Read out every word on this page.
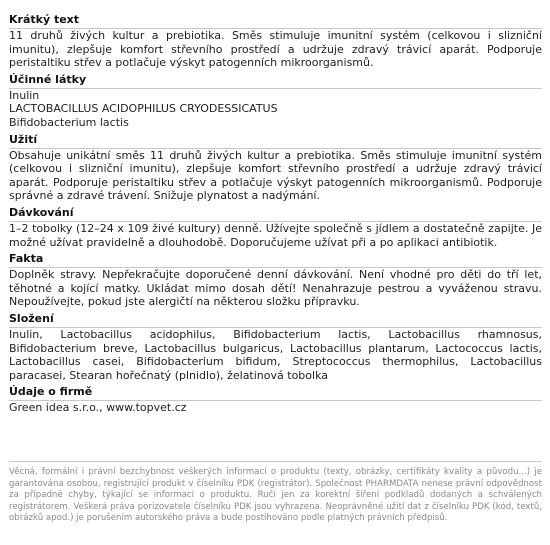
Krátký text

11 druhů živých kultur a prebiotika. Směs stimuluje imunitní systém (celkovou i slizniční imunitu), zlepšuje komfort střevního prostředí a udržuje zdravý trávicí aparát. Podporuje peristaltiku střev a potlačuje výskyt patogenních mikroorganismů.

Účinné látky

Inulin

LACTOBACILLUS ACIDOPHILUS CRYODESSICATUS

Bifidobacterium lactis

Užití

Obsahuje unikátní směs 11 druhů živých kultur a prebiotika. Směs stimuluje imunitní systém (celkovou i slizniční imunitu), zlepšuje komfort střevního prostředí a udržuje zdravý trávicí aparát. Podporuje peristaltiku střev a potlačuje výskyt patogenních mikroorganismů. Podporuje správné a zdravé trávení. Snižuje plynatost a nadýmání.

Dávkování

1–2 tobolky (12–24 x 109 živé kultury) denně. Užívejte společně s jídlem a dostatečně zapijte. Je možné užívat pravidelně a dlouhodobě. Doporučujeme užívat při a po aplikaci antibiotik.

Fakta

Doplněk stravy. Nepřekračujte doporučené denní dávkování. Není vhodné pro děti do tří let, těhotné a kojící matky. Ukládat mimo dosah dětí! Nenahrazuje pestrou a vyváženou stravu. Nepoužívejte, pokud jste alergičtí na některou složku přípravku.

Složení

Inulin, Lactobacillus acidophilus, Bifidobacterium lactis, Lactobacillus rhamnosus, Bifidobacterium breve, Lactobacillus bulgaricus, Lactobacillus plantarum, Lactococcus lactis, Lactobacillus casei, Bifidobacterium bifidum, Streptococcus thermophilus, Lactobacillus paracasei, Stearan hořečnatý (plnidlo), želatinová tobolka

Údaje o firmě

Green idea s.r.o., www.topvet.cz

Věcná, formální i právní bezchybnost veškerých informací o produktu (texty, obrázky, certifikáty kvality a původu...) je garantována osobou, registrující produkt v číselníku PDK (registrátor). Společnost PHARMDATA nenese právní odpovědnost za případné chyby, týkající se informací o produktu. Ruči jen za korektní šíření podkladů dodaných a schválených registrátorem. Veškerá práva porizovatele číselníku PDK jsou vyhrazena. Neoprávněné užití dat z číselníku PDK (kód, textů, obrázků apod.) je porušením autorského práva a bude postihováno podle platných právních předpisů.
